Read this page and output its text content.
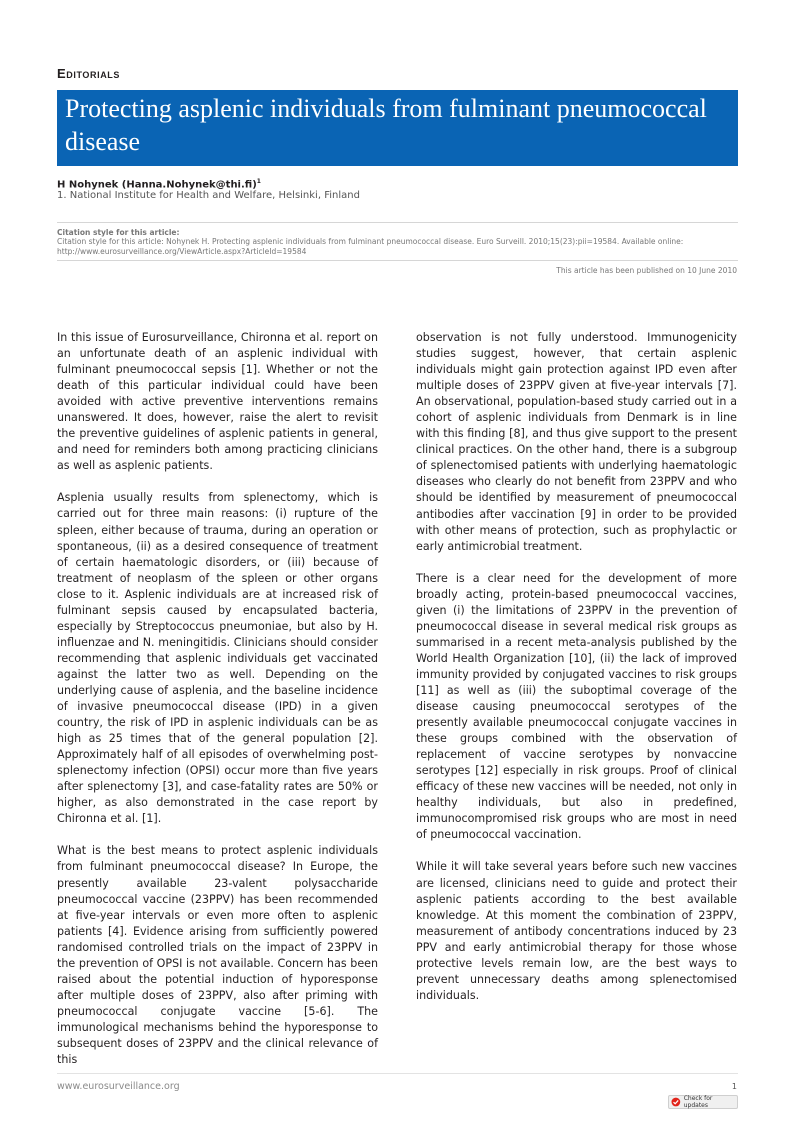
Editorials
Protecting asplenic individuals from fulminant pneumococcal disease
H Nohynek (Hanna.Nohynek@thi.fi)$^1$
1. National Institute for Health and Welfare, Helsinki, Finland
Citation style for this article:
Citation style for this article: Nohynek H. Protecting asplenic individuals from fulminant pneumococcal disease. Euro Surveill. 2010;15(23):pii=19584. Available online: http://www.eurosurveillance.org/ViewArticle.aspx?ArticleId=19584
This article has been published on 10 June 2010

In this issue of Eurosurveillance, Chironna et al. report on an unfortunate death of an asplenic individual with fulminant pneumococcal sepsis [1]. Whether or not the death of this particular individual could have been avoided with active preventive interventions remains unanswered. It does, however, raise the alert to revisit the preventive guidelines of asplenic patients in general, and need for reminders both among practicing clinicians as well as asplenic patients.

Asplenia usually results from splenectomy, which is carried out for three main reasons: (i) rupture of the spleen, either because of trauma, during an operation or spontaneous, (ii) as a desired consequence of treatment of certain haematologic disorders, or (iii) because of treatment of neoplasm of the spleen or other organs close to it. Asplenic individuals are at increased risk of fulminant sepsis caused by encapsulated bacteria, especially by Streptococcus pneumoniae, but also by H. influenzae and N. meningitidis. Clinicians should consider recommending that asplenic individuals get vaccinated against the latter two as well. Depending on the underlying cause of asplenia, and the baseline incidence of invasive pneumococcal disease (IPD) in a given country, the risk of IPD in asplenic individuals can be as high as 25 times that of the general population [2]. Approximately half of all episodes of overwhelming post-splenectomy infection (OPSI) occur more than five years after splenectomy [3], and case-fatality rates are 50% or higher, as also demonstrated in the case report by Chironna et al. [1].

What is the best means to protect asplenic individuals from fulminant pneumococcal disease? In Europe, the presently available 23-valent polysaccharide pneumococcal vaccine (23PPV) has been recommended at five-year intervals or even more often to asplenic patients [4]. Evidence arising from sufficiently powered randomised controlled trials on the impact of 23PPV in the prevention of OPSI is not available. Concern has been raised about the potential induction of hyporesponse after multiple doses of 23PPV, also after priming with pneumococcal conjugate vaccine [5-6]. The immunological mechanisms behind the hyporesponse to subsequent doses of 23PPV and the clinical relevance of this

observation is not fully understood. Immunogenicity studies suggest, however, that certain asplenic individuals might gain protection against IPD even after multiple doses of 23PPV given at five-year intervals [7]. An observational, population-based study carried out in a cohort of asplenic individuals from Denmark is in line with this finding [8], and thus give support to the present clinical practices. On the other hand, there is a subgroup of splenectomised patients with underlying haematologic diseases who clearly do not benefit from 23PPV and who should be identified by measurement of pneumococcal antibodies after vaccination [9] in order to be provided with other means of protection, such as prophylactic or early antimicrobial treatment.

There is a clear need for the development of more broadly acting, protein-based pneumococcal vaccines, given (i) the limitations of 23PPV in the prevention of pneumococcal disease in several medical risk groups as summarised in a recent meta-analysis published by the World Health Organization [10], (ii) the lack of improved immunity provided by conjugated vaccines to risk groups [11] as well as (iii) the suboptimal coverage of the disease causing pneumococcal serotypes of the presently available pneumococcal conjugate vaccines in these groups combined with the observation of replacement of vaccine serotypes by nonvaccine serotypes [12] especially in risk groups. Proof of clinical efficacy of these new vaccines will be needed, not only in healthy individuals, but also in predefined, immunocompromised risk groups who are most in need of pneumococcal vaccination.

While it will take several years before such new vaccines are licensed, clinicians need to guide and protect their asplenic patients according to the best available knowledge. At this moment the combination of 23PPV, measurement of antibody concentrations induced by 23 PPV and early antimicrobial therapy for those whose protective levels remain low, are the best ways to prevent unnecessary deaths among splenectomised individuals.

www.eurosurveillance.org	1
Check for updates
